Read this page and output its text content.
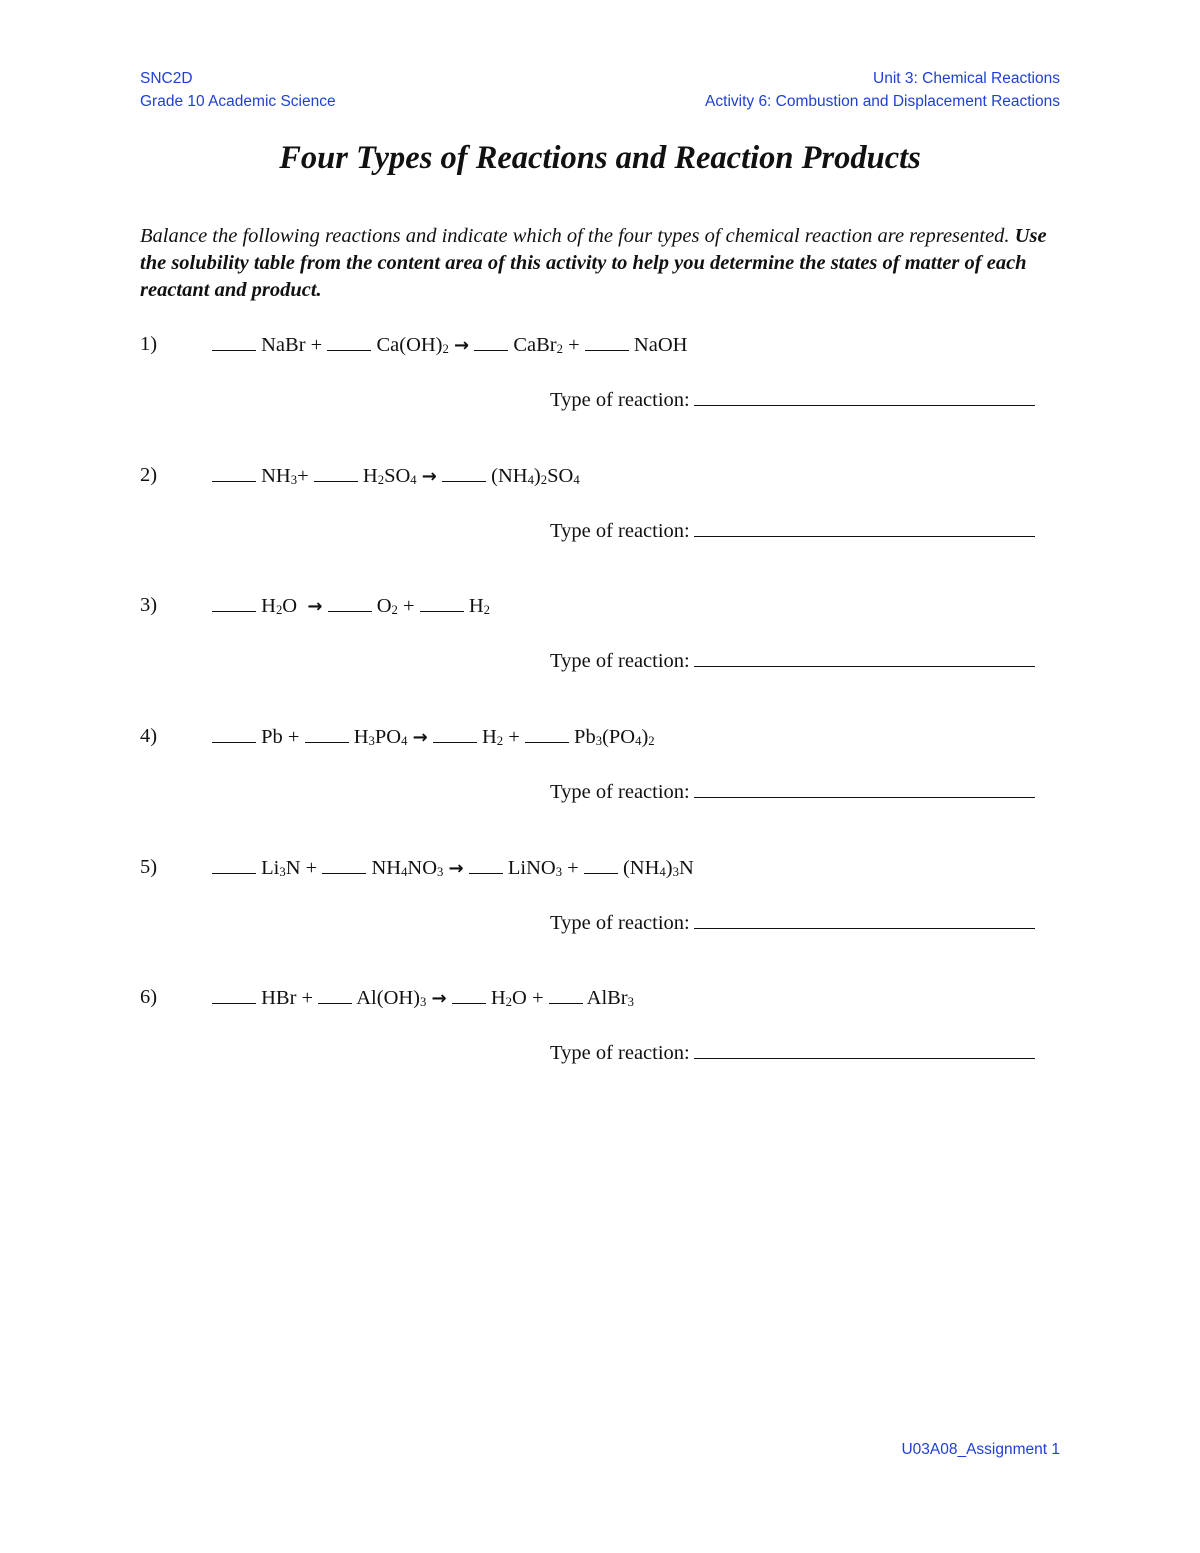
SNC2D
Grade 10 Academic Science
Unit 3: Chemical Reactions
Activity 6: Combustion and Displacement Reactions
Four Types of Reactions and Reaction Products
Balance the following reactions and indicate which of the four types of chemical reaction are represented. Use the solubility table from the content area of this activity to help you determine the states of matter of each reactant and product.
1)	NaBr +  $Ca(OH)_2$ →  CaBr$_2$ +  NaOH
Type of reaction:
2)	$NH_3+ H_2SO_4 \to (NH_4)_2SO_4$
Type of reaction:
3)	$H_2O \to O_2 + H_2$
Type of reaction:
4)	$Pb + H_3PO_4 \to H_2 + Pb_3(PO_4)_2$
Type of reaction:
5)	$Li_3N + NH_4NO_3$ →  LiNO$_3$ +  $(NH_4)_3N$
Type of reaction:
6)	HBr +  $Al(OH)_3 \to H_2O$ +  AlBr$_3$
Type of reaction:
U03A08_Assignment 1
